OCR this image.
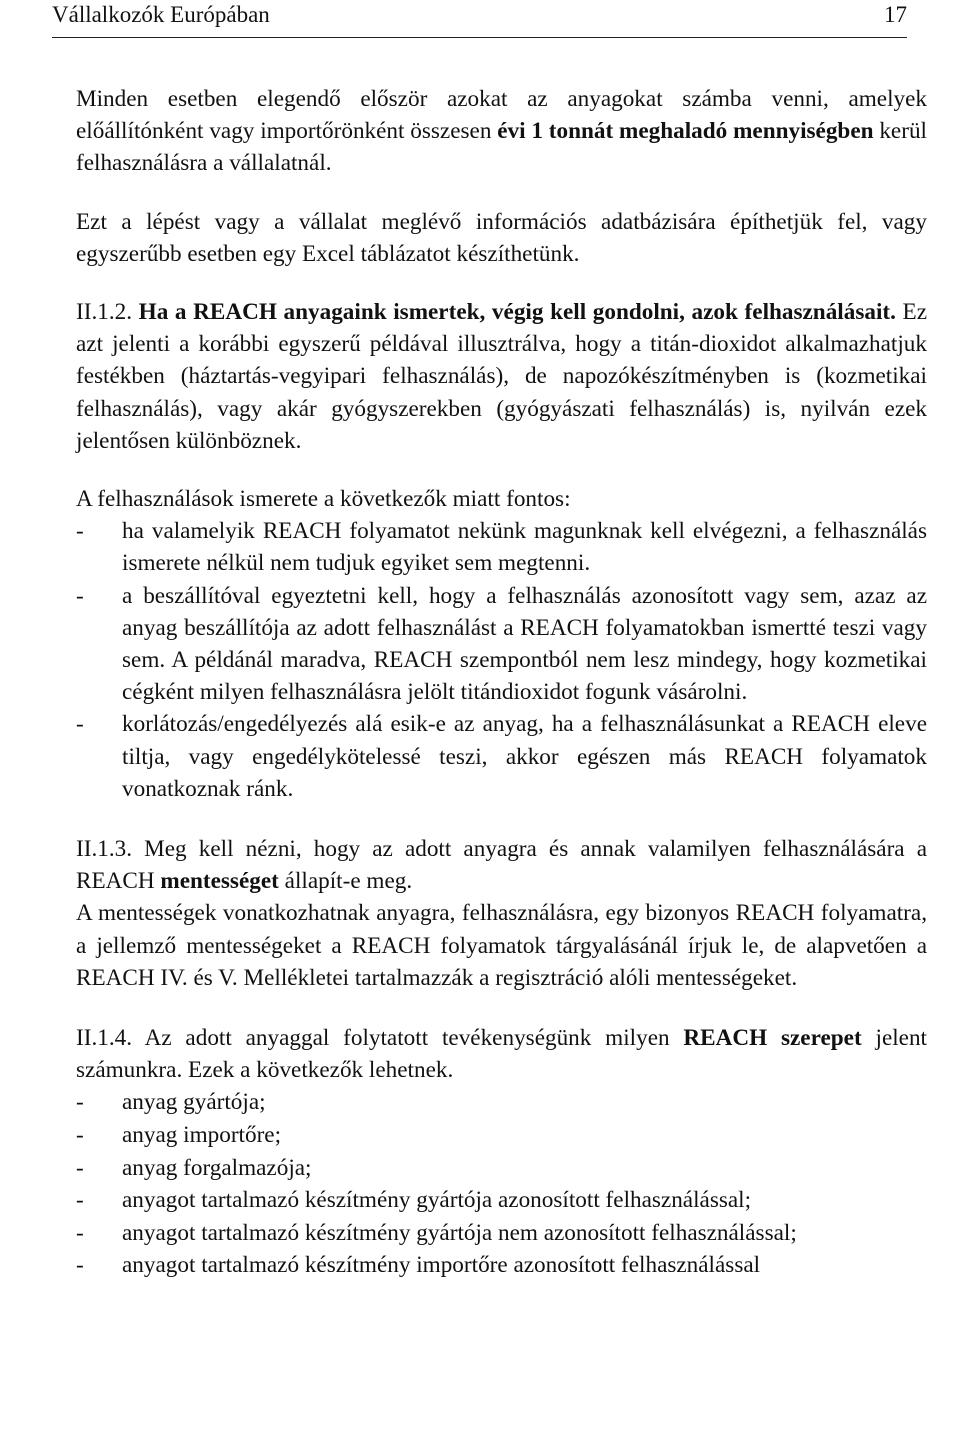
Vállalkozók Európában	17

Minden esetben elegendő először azokat az anyagokat számba venni, amelyek előállítónként vagy importőrönként összesen évi 1 tonnát meghaladó mennyiségben kerül felhasználásra a vállalatnál.

Ezt a lépést vagy a vállalat meglévő információs adatbázisára építhetjük fel, vagy egyszerűbb esetben egy Excel táblázatot készíthetünk.

II.1.2. Ha a REACH anyagaink ismertek, végig kell gondolni, azok felhasználásait. Ez azt jelenti a korábbi egyszerű példával illusztrálva, hogy a titán-dioxidot alkalmazhatjuk festékben (háztartás-vegyipari felhasználás), de napozókészítményben is (kozmetikai felhasználás), vagy akár gyógyszerekben (gyógyászati felhasználás) is, nyilván ezek jelentősen különböznek.

A felhasználások ismerete a következők miatt fontos:

- ha valamelyik REACH folyamatot nekünk magunknak kell elvégezni, a felhasználás ismerete nélkül nem tudjuk egyiket sem megtenni.
- a beszállítóval egyeztetni kell, hogy a felhasználás azonosított vagy sem, azaz az anyag beszállítója az adott felhasználást a REACH folyamatokban ismertté teszi vagy sem. A példánál maradva, REACH szempontból nem lesz mindegy, hogy kozmetikai cégként milyen felhasználásra jelölt titándioxidot fogunk vásárolni.
- korlátozás/engedélyezés alá esik-e az anyag, ha a felhasználásunkat a REACH eleve tiltja, vagy engedélykötelessé teszi, akkor egészen más REACH folyamatok vonatkoznak ránk.

II.1.3. Meg kell nézni, hogy az adott anyagra és annak valamilyen felhasználására a REACH mentességet állapít-e meg.

A mentességek vonatkozhatnak anyagra, felhasználásra, egy bizonyos REACH folyamatra, a jellemző mentességeket a REACH folyamatok tárgyalásánál írjuk le, de alapvetően a REACH IV. és V. Mellékletei tartalmazzák a regisztráció alóli mentességeket.

II.1.4. Az adott anyaggal folytatott tevékenységünk milyen REACH szerepet jelent számunkra. Ezek a következők lehetnek.

- anyag gyártója;
- anyag importőre;
- anyag forgalmazója;
- anyagot tartalmazó készítmény gyártója azonosított felhasználással;
- anyagot tartalmazó készítmény gyártója nem azonosított felhasználással;
- anyagot tartalmazó készítmény importőre azonosított felhasználással
